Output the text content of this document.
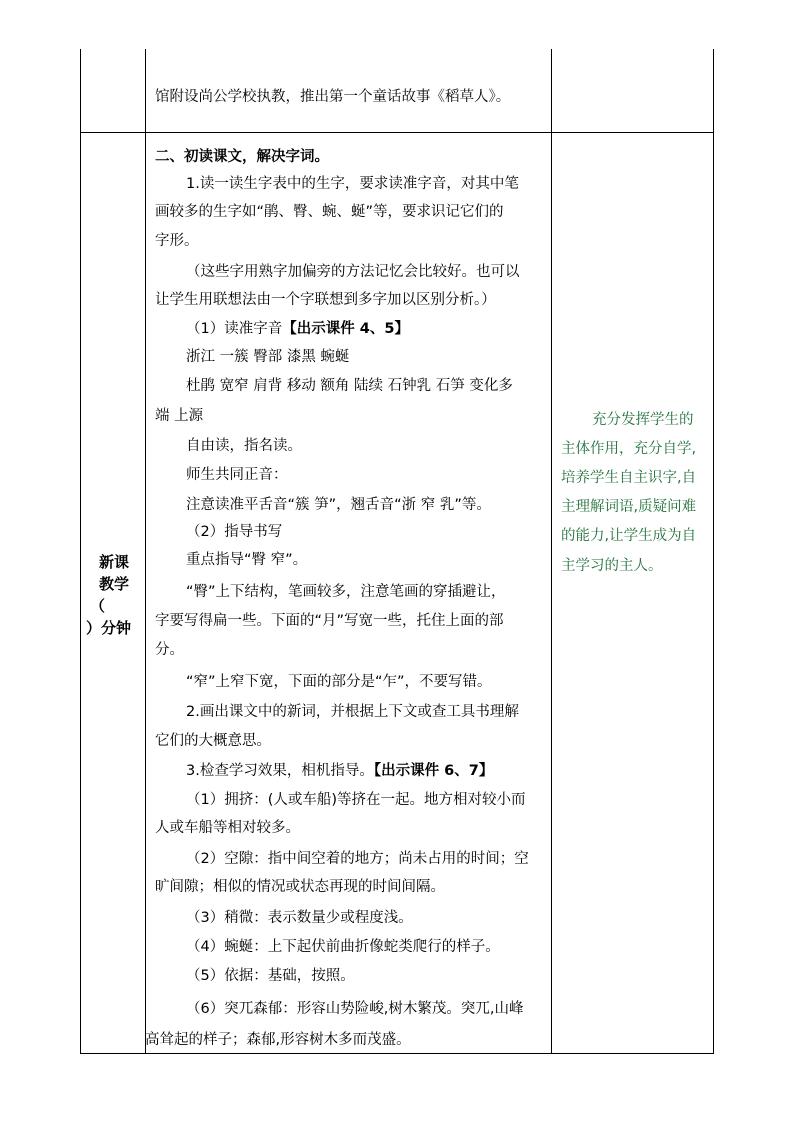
馆附设尚公学校执教，推出第一个童话故事《稻草人》。
新课
教学
（
）分钟
二、初读课文，解决字词。
1.读一读生字表中的生字，要求读准字音，对其中笔
画较多的生字如“鹃、臀、蜿、蜒”等，要求识记它们的
字形。
（这些字用熟字加偏旁的方法记忆会比较好。也可以
让学生用联想法由一个字联想到多字加以区别分析。）
（1）读准字音【出示课件 4、5】
浙江 一簇 臀部 漆黑 蜿蜒
杜鹃 宽窄 肩背 移动 额角 陆续 石钟乳 石笋 变化多
端 上源
自由读，指名读。
师生共同正音：
注意读准平舌音“簇 笋”，翘舌音“浙 窄 乳”等。
（2）指导书写
重点指导“臀 窄”。
“臀”上下结构，笔画较多，注意笔画的穿插避让，
字要写得扁一些。下面的“月”写宽一些，托住上面的部
分。
“窄”上窄下宽，下面的部分是“乍”，不要写错。
2.画出课文中的新词，并根据上下文或查工具书理解
它们的大概意思。
3.检查学习效果，相机指导。【出示课件 6、7】
（1）拥挤：(人或车船)等挤在一起。地方相对较小而
人或车船等相对较多。
（2）空隙：指中间空着的地方；尚未占用的时间；空
旷间隙；相似的情况或状态再现的时间间隔。
（3）稍微：表示数量少或程度浅。
（4）蜿蜒：上下起伏前曲折像蛇类爬行的样子。
（5）依据：基础，按照。
（6）突兀森郁：形容山势险峻,树木繁茂。突兀,山峰
高耸起的样子；森郁,形容树木多而茂盛。
充分发挥学生的
主体作用，充分自学,
培养学生自主识字,自
主理解词语,质疑问难
的能力,让学生成为自
主学习的主人。
